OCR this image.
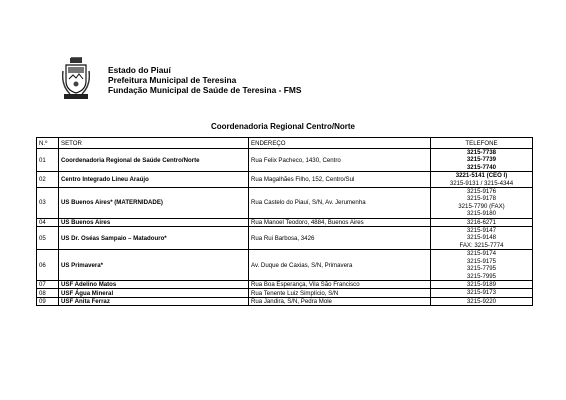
Estado do Piauí
Prefeitura Municipal de Teresina
Fundação Municipal de Saúde de Teresina - FMS
Coordenadoria Regional Centro/Norte
N.º	SETOR	ENDEREÇO	TELEFONE
01	Coordenadoria Regional de Saúde Centro/Norte	Rua Felix Pacheco, 1430, Centro	3215-7738
3215-7739
3215-7740

02	Centro Integrado Lineu Araújo	Rua Magalhães Filho, 152, Centro/Sul	3221-5141 (CEO I)
3215-9131 / 3215-4344

03	US Buenos Aires* (MATERNIDADE)	Rua Castelo do Piauí, S/N, Av. Jerumenha	3215-9176
3215-9178
3215-7790 (FAX)
3215-9180

04	US Buenos Aires	Rua Manoel Teodoro, 4884, Buenos Aires	3216-6271

05	US Dr. Oséas Sampaio – Matadouro*	Rua Rui Barbosa, 3426	3215-9147
3215-9148
FAX: 3215-7774

06	US Primavera*	Av. Duque de Caxias, S/N, Primavera	3215-9174
3215-9175
3215-7795
3215-7995

07	USF Adelino Matos	Rua Boa Esperança, Vila São Francisco	3215-9189

08	USF Água Mineral	Rua Tenente Luiz Simplício, S/N	3215-9173

09	USF Anita Ferraz	Rua Jandira, S/N, Pedra Mole	3215-9220
